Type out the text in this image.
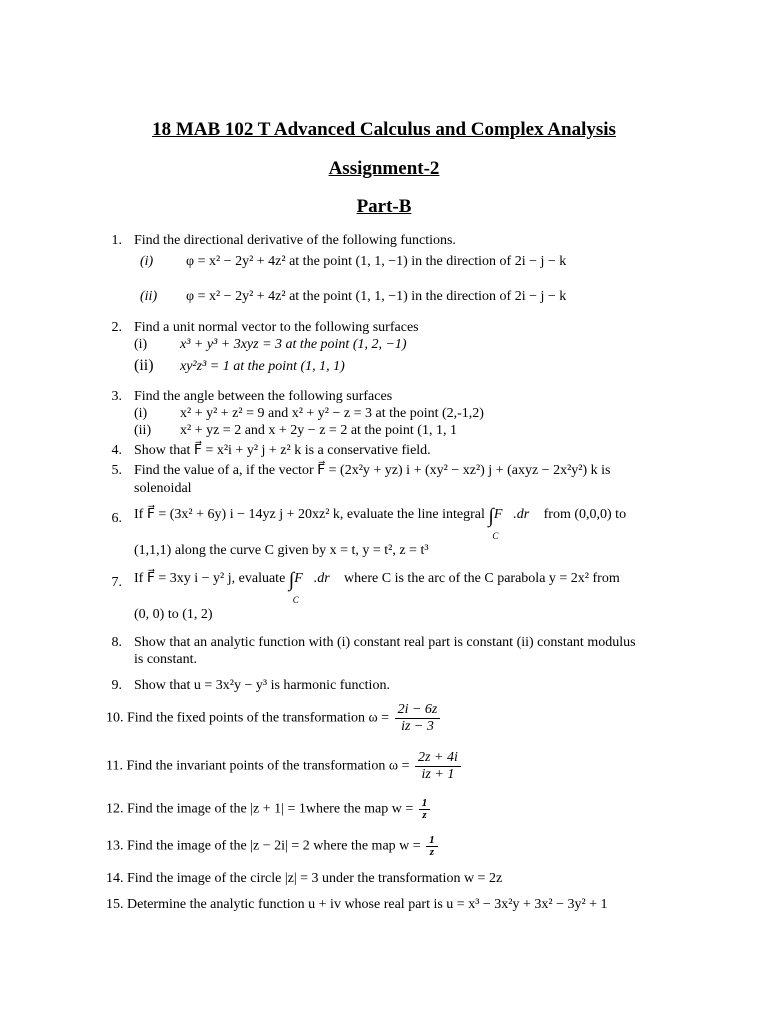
18 MAB 102 T Advanced Calculus and Complex Analysis
Assignment-2
Part-B
1. Find the directional derivative of the following functions.
(i) φ = x² − 2y² + 4z² at the point (1, 1, −1) in the direction of 2i − j − k
(ii) φ = x² − 2y² + 4z² at the point (1, 1, −1) in the direction of 2i − j − k
2. Find a unit normal vector to the following surfaces
(i) x³ + y³ + 3xyz = 3 at the point (1, 2, −1)
(ii) xy²z³ = 1 at the point (1, 1, 1)
3. Find the angle between the following surfaces
(i) x² + y² + z² = 9 and x² + y² − z = 3 at the point (2,-1,2)
(ii) x² + yz = 2 and x + 2y − z = 2 at the point (1, 1, 1
4. Show that F⃗ = x²i + y² j + z² k is a conservative field.
5. Find the value of a, if the vector F⃗ = (2x²y + yz) i + (xy² − xz²) j + (axyz − 2x²y²) k is
solenoidal
6. If F⃗ = (3x² + 6y) i − 14yz j + 20xz² k, evaluate the line integral ∫
C
F⃗.dr⃗ from (0,0,0) to
(1,1,1) along the curve C given by x = t, y = t², z = t³
7. If F⃗ = 3xy i − y² j, evaluate ∫
C
F⃗.dr⃗ where C is the arc of the C parabola y = 2x² from
(0, 0) to (1, 2)
8. Show that an analytic function with (i) constant real part is constant (ii) constant modulus
is constant.
9. Show that u = 3x²y − y³ is harmonic function.
10. Find the fixed points of the transformation $\omega = \frac{2i - 6z}{iz - 3}$
11. Find the invariant points of the transformation $\omega = \frac{2z + 4i}{iz + 1}$
12. Find the image of the |z + 1| = 1where the map $w = \frac{1}{z}$
13. Find the image of the |z − 2i| = 2 where the map $w = \frac{1}{z}$
14. Find the image of the circle |z| = 3 under the transformation w = 2z
15. Determine the analytic function u + iv whose real part is u = x³ − 3x²y + 3x² − 3y² + 1
